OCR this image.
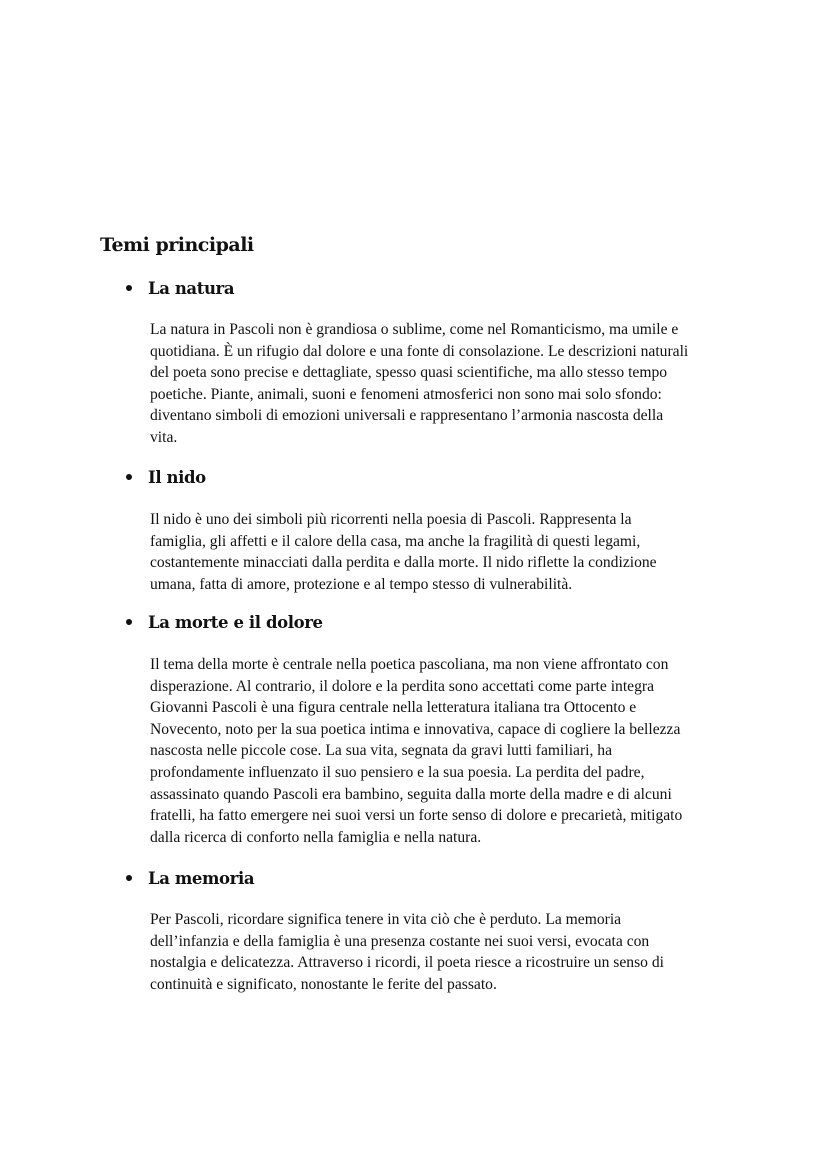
Temi principali
La natura
La natura in Pascoli non è grandiosa o sublime, come nel Romanticismo, ma umile e
quotidiana. È un rifugio dal dolore e una fonte di consolazione. Le descrizioni naturali
del poeta sono precise e dettagliate, spesso quasi scientifiche, ma allo stesso tempo
poetiche. Piante, animali, suoni e fenomeni atmosferici non sono mai solo sfondo:
diventano simboli di emozioni universali e rappresentano l’armonia nascosta della
vita.
Il nido
Il nido è uno dei simboli più ricorrenti nella poesia di Pascoli. Rappresenta la
famiglia, gli affetti e il calore della casa, ma anche la fragilità di questi legami,
costantemente minacciati dalla perdita e dalla morte. Il nido riflette la condizione
umana, fatta di amore, protezione e al tempo stesso di vulnerabilità.
La morte e il dolore
Il tema della morte è centrale nella poetica pascoliana, ma non viene affrontato con
disperazione. Al contrario, il dolore e la perdita sono accettati come parte integra
Giovanni Pascoli è una figura centrale nella letteratura italiana tra Ottocento e
Novecento, noto per la sua poetica intima e innovativa, capace di cogliere la bellezza
nascosta nelle piccole cose. La sua vita, segnata da gravi lutti familiari, ha
profondamente influenzato il suo pensiero e la sua poesia. La perdita del padre,
assassinato quando Pascoli era bambino, seguita dalla morte della madre e di alcuni
fratelli, ha fatto emergere nei suoi versi un forte senso di dolore e precarietà, mitigato
dalla ricerca di conforto nella famiglia e nella natura.
La memoria
Per Pascoli, ricordare significa tenere in vita ciò che è perduto. La memoria
dell’infanzia e della famiglia è una presenza costante nei suoi versi, evocata con
nostalgia e delicatezza. Attraverso i ricordi, il poeta riesce a ricostruire un senso di
continuità e significato, nonostante le ferite del passato.
